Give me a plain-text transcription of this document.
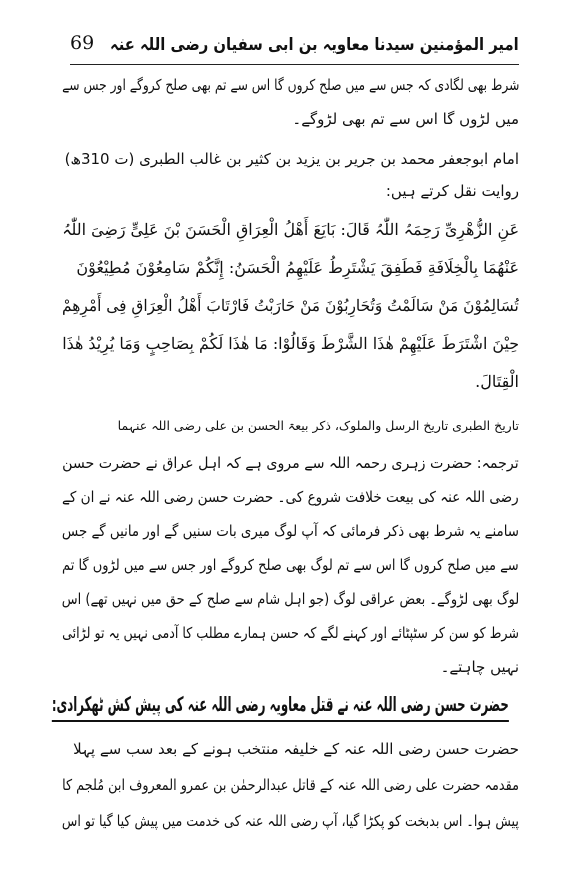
امیر المؤمنین سیدنا معاویہ بن ابی سفیان رضی اللہ عنہ
69
شرط بھی لگادی کہ جس سے میں صلح کروں گا اس سے تم بھی صلح کروگے اور جس سے
میں لڑوں گا اس سے تم بھی لڑوگے۔
امام ابوجعفر محمد بن جریر بن یزید بن کثیر بن غالب الطبری (ت 310ھ)
روایت نقل کرتے ہیں:
عَنِ الزُّهْرِیِّ رَحِمَہُ اللّٰہُ قَالَ: بَایَعَ أَهْلُ الْعِرَاقِ الْحَسَنَ بْنَ عَلِیٍّ رَضِیَ اللّٰہُ
عَنْهُمَا بِالْخِلَافَةِ فَطَفِقَ یَشْتَرِطُ عَلَیْهِمُ الْحَسَنُ: إِنَّكُمْ سَامِعُوْنَ مُطِیْعُوْنَ
تُسَالِمُوْنَ مَنْ سَالَمْتُ وَتُحَارِبُوْنَ مَنْ حَارَبْتُ فَارْتَابَ أَهْلُ الْعِرَاقِ فِی أَمْرِهِمْ
حِیْنَ اشْتَرَطَ عَلَیْهِمْ هٰذَا الشَّرْطَ وَقَالُوْا: مَا هٰذَا لَكُمْ بِصَاحِبٍ وَمَا یُرِیْدُ هٰذَا
الْقِتَالَ.
تاریخ الطبری تاریخ الرسل والملوک، ذکر بیعۃ الحسن بن علی رضی اللہ عنہما
ترجمہ: حضرت زہری رحمہ اللہ سے مروی ہے کہ اہل عراق نے حضرت حسن
رضی اللہ عنہ کی بیعت خلافت شروع کی۔ حضرت حسن رضی اللہ عنہ نے ان کے
سامنے یہ شرط بھی ذکر فرمائی کہ آپ لوگ میری بات سنیں گے اور مانیں گے جس
سے میں صلح کروں گا اس سے تم لوگ بھی صلح کروگے اور جس سے میں لڑوں گا تم
لوگ بھی لڑوگے۔ بعض عراقی لوگ (جو اہل شام سے صلح کے حق میں نہیں تھے) اس
شرط کو سن کر سٹپٹائے اور کہنے لگے کہ حسن ہمارے مطلب کا آدمی نہیں یہ تو لڑائی
نہیں چاہتے۔
حضرت حسن رضی اللہ عنہ نے قتل معاویہ رضی اللہ عنہ کی پیش کش ٹھکرادی:
حضرت حسن رضی اللہ عنہ کے خلیفہ منتخب ہونے کے بعد سب سے پہلا
مقدمہ حضرت علی رضی اللہ عنہ کے قاتل عبدالرحمٰن بن عمرو المعروف ابن مُلجم کا
پیش ہوا۔ اس بدبخت کو پکڑا گیا، آپ رضی اللہ عنہ کی خدمت میں پیش کیا گیا تو اس
